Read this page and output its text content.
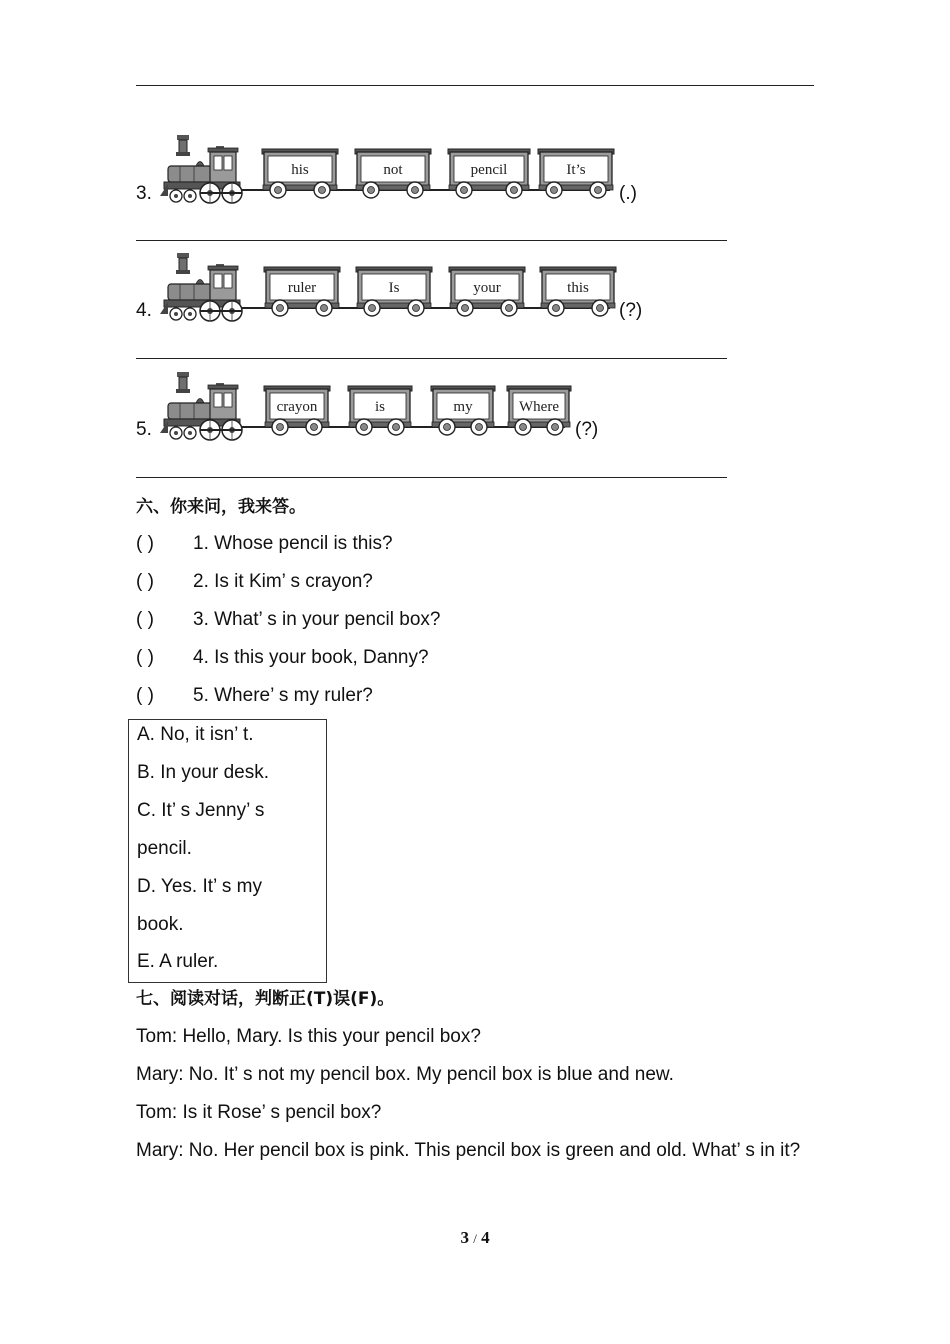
his	not	pencil	It’s
ruler	Is	your	this
crayon	is	my	Where
3.	(.)
4.	(?)
5.	(?)
六、你来问，我来答。
( ) 1. Whose pencil is this?
( ) 2. Is it Kim’ s crayon?
( ) 3. What’ s in your pencil box?
( ) 4. Is this your book, Danny?
( ) 5. Where’ s my ruler?
A. No, it isn’ t.
B. In your desk.
C. It’ s Jenny’ s
pencil.
D. Yes. It’ s my
book.
E. A ruler.
七、阅读对话，判断正(T)误(F)。
Tom: Hello, Mary. Is this your pencil box?
Mary: No. It’ s not my pencil box. My pencil box is blue and new.
Tom: Is it Rose’ s pencil box?
Mary: No. Her pencil box is pink. This pencil box is green and old. What’ s in it?
3 / 4
